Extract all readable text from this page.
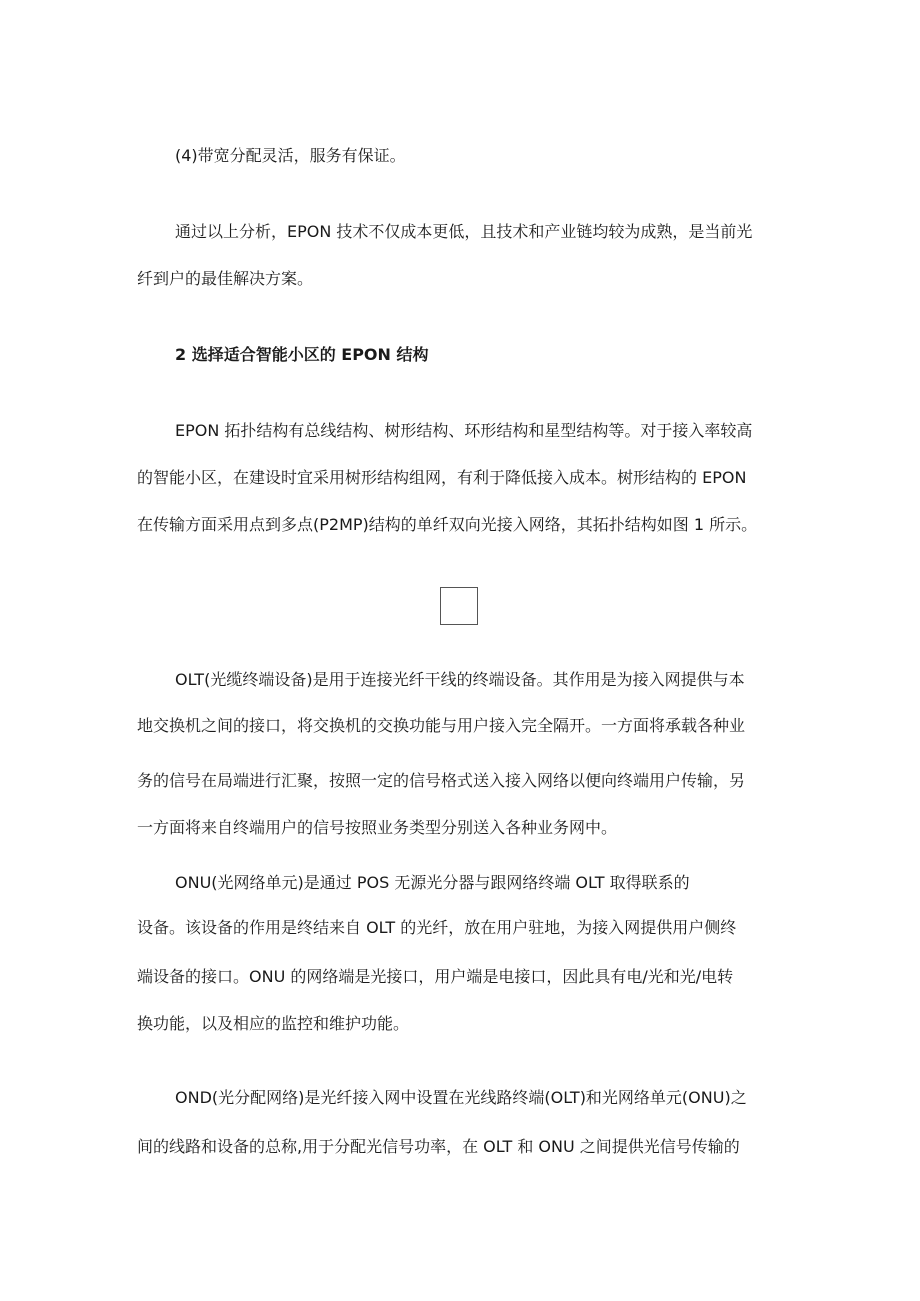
(4)带宽分配灵活，服务有保证。
通过以上分析，EPON 技术不仅成本更低，且技术和产业链均较为成熟，是当前光
纤到户的最佳解决方案。
2 选择适合智能小区的 EPON 结构
EPON 拓扑结构有总线结构、树形结构、环形结构和星型结构等。对于接入率较高
的智能小区，在建设时宜采用树形结构组网，有利于降低接入成本。树形结构的 EPON
在传输方面采用点到多点(P2MP)结构的单纤双向光接入网络，其拓扑结构如图 1 所示。
OLT(光缆终端设备)是用于连接光纤干线的终端设备。其作用是为接入网提供与本
地交换机之间的接口，将交换机的交换功能与用户接入完全隔开。一方面将承载各种业
务的信号在局端进行汇聚，按照一定的信号格式送入接入网络以便向终端用户传输，另
一方面将来自终端用户的信号按照业务类型分别送入各种业务网中。
ONU(光网络单元)是通过 POS 无源光分器与跟网络终端 OLT 取得联系的
设备。该设备的作用是终结来自 OLT 的光纤，放在用户驻地，为接入网提供用户侧终
端设备的接口。ONU 的网络端是光接口，用户端是电接口，因此具有电/光和光/电转
换功能，以及相应的监控和维护功能。
OND(光分配网络)是光纤接入网中设置在光线路终端(OLT)和光网络单元(ONU)之
间的线路和设备的总称,用于分配光信号功率，在 OLT 和 ONU 之间提供光信号传输的
